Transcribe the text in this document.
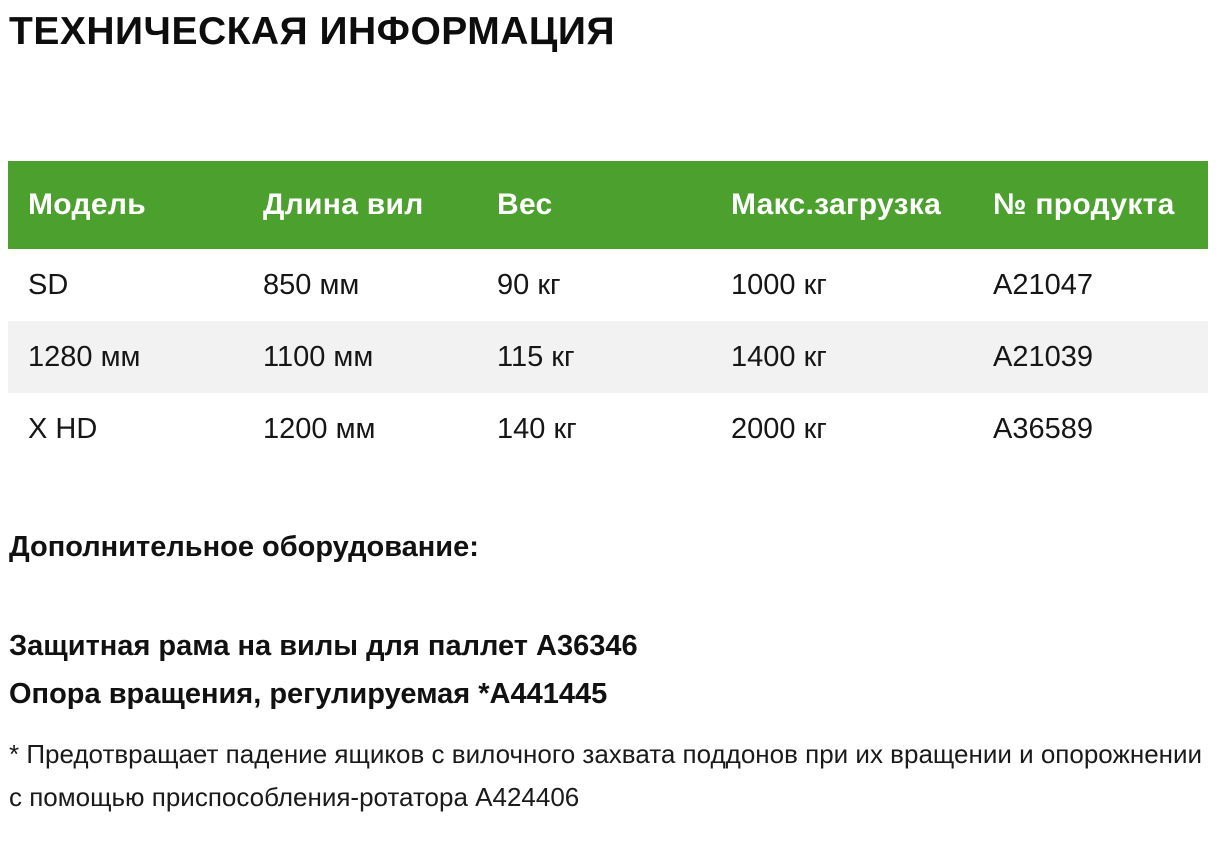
ТЕХНИЧЕСКАЯ ИНФОРМАЦИЯ
Модель	Длина вил	Вес	Макс.загрузка	№ продукта
SD	850 мм	90 кг	1000 кг	A21047
1280 мм	1100 мм	115 кг	1400 кг	A21039
X HD	1200 мм	140 кг	2000 кг	A36589
Дополнительное оборудование:
Защитная рама на вилы для паллет A36346
Опора вращения, регулируемая *A441445

* Предотвращает падение ящиков с вилочного захвата поддонов при их вращении и опорожнении с помощью приспособления-ротатора A424406
